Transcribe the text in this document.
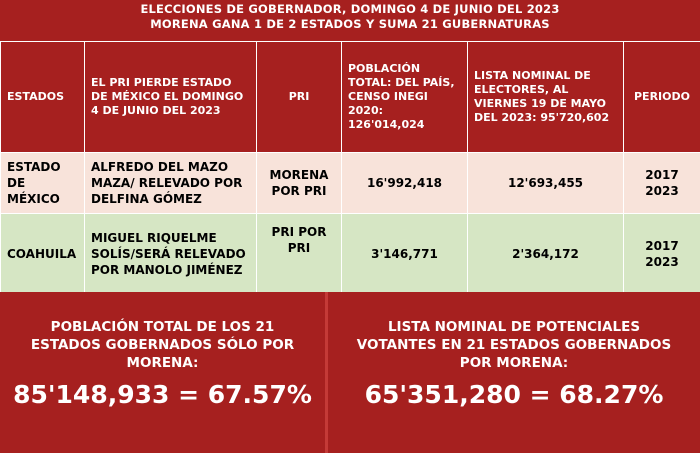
ELECCIONES DE GOBERNADOR, DOMINGO 4 DE JUNIO DEL 2023
MORENA GANA 1 DE 2 ESTADOS Y SUMA 21 GUBERNATURAS
ESTADOS	EL PRI PIERDE ESTADO DE MÉXICO EL DOMINGO 4 DE JUNIO DEL 2023	PRI	POBLACIÓN TOTAL: DEL PAÍS, CENSO INEGI 2020: 126'014,024	LISTA NOMINAL DE ELECTORES, AL VIERNES 19 DE MAYO DEL 2023: 95'720,602	PERIODO
ESTADO DE MÉXICO	ALFREDO DEL MAZO MAZA/ RELEVADO POR DELFINA GÓMEZ	MORENA POR PRI	16'992,418	12'693,455	2017 2023
COAHUILA	MIGUEL RIQUELME SOLÍS/SERÁ RELEVADO POR MANOLO JIMÉNEZ	PRI POR PRI	3'146,771	2'364,172	2017 2023
POBLACIÓN TOTAL DE LOS 21 ESTADOS GOBERNADOS SÓLO POR MORENA:
85'148,933 = 67.57%
LISTA NOMINAL DE POTENCIALES VOTANTES EN 21 ESTADOS GOBERNADOS POR MORENA:
65'351,280 = 68.27%
